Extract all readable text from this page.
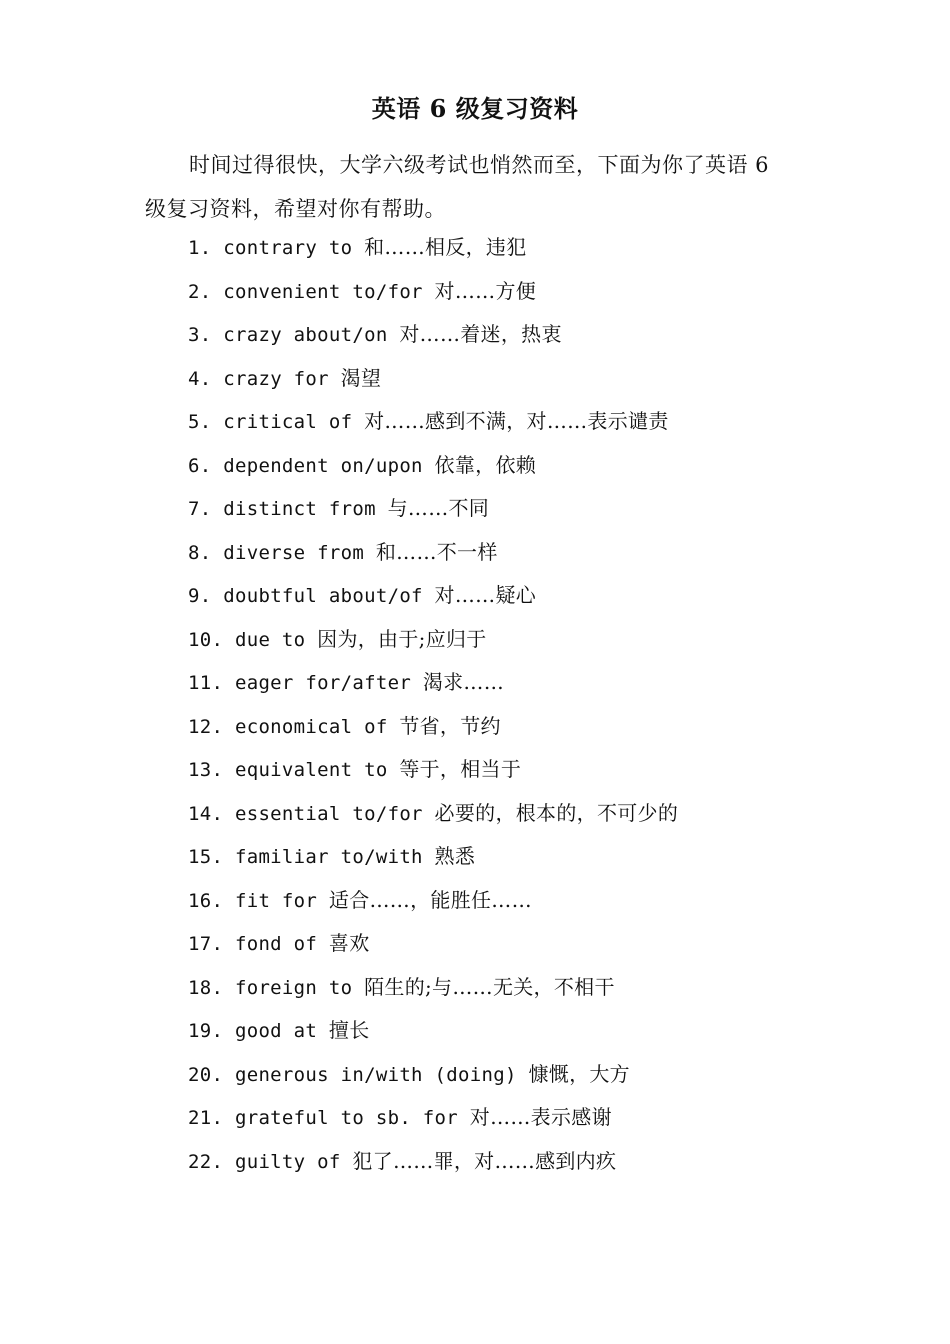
英语 6 级复习资料
时间过得很快，大学六级考试也悄然而至，下面为你了英语 6 级复习资料，希望对你有帮助。
1. contrary to 和……相反，违犯
2. convenient to/for 对……方便
3. crazy about/on 对……着迷，热衷
4. crazy for 渴望
5. critical of 对……感到不满，对……表示谴责
6. dependent on/upon 依靠，依赖
7. distinct from 与……不同
8. diverse from 和……不一样
9. doubtful about/of 对……疑心
10. due to 因为，由于;应归于
11. eager for/after 渴求……
12. economical of 节省，节约
13. equivalent to 等于，相当于
14. essential to/for 必要的，根本的，不可少的
15. familiar to/with 熟悉
16. fit for 适合……，能胜任……
17. fond of 喜欢
18. foreign to 陌生的;与……无关，不相干
19. good at 擅长
20. generous in/with (doing) 慷慨，大方
21. grateful to sb. for 对……表示感谢
22. guilty of 犯了……罪，对……感到内疚
